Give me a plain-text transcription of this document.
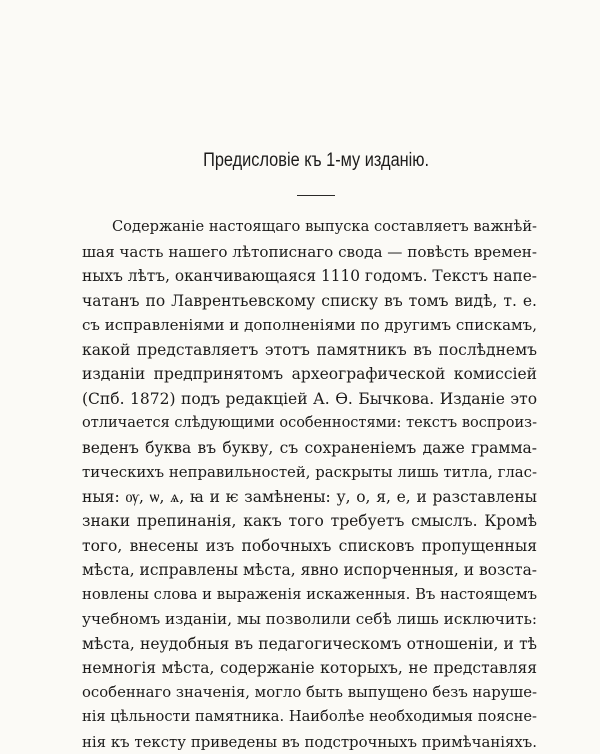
Предисловіе къ 1-му изданію.
Содержаніе настоящаго выпуска составляетъ важнѣй-
шая часть нашего лѣтописнаго свода — повѣсть времен-
ныхъ лѣтъ, оканчивающаяся 1110 годомъ. Текстъ напе-
чатанъ по Лаврентьевскому списку въ томъ видѣ, т. е.
съ исправленіями и дополненіями по другимъ спискамъ,
какой представляетъ этотъ памятникъ въ послѣднемъ
изданіи предпринятомъ археографической комиссіей
(Спб. 1872) подъ редакціей А. Ѳ. Бычкова. Изданіе это
отличается слѣдующими особенностями: текстъ воспроиз-
веденъ буква въ букву, съ сохраненіемъ даже граммa-
тическихъ неправильностей, раскрыты лишь титла, глас-
ныя: ѹ, ѡ, ѧ, ꙗ и ѥ замѣнены: у, о, я, е, и разставлены
знаки препинанія, какъ того требуетъ смыслъ. Кромѣ
того, внесены изъ побочныхъ списковъ пропущенныя
мѣста, исправлены мѣста, явно испорченныя, и возста-
новлены слова и выраженія искаженныя. Въ настоящемъ
учебномъ изданіи, мы позволили себѣ лишь исключить:
мѣста, неудобныя въ педагогическомъ отношеніи, и тѣ
немногія мѣста, содержаніе которыхъ, не представляя
особеннаго значенія, могло быть выпущено безъ нарушe-
нія цѣльности памятника. Наиболѣе необходимыя поясне-
нія къ тексту приведены въ подстрочныхъ примѣчаніяхъ.
